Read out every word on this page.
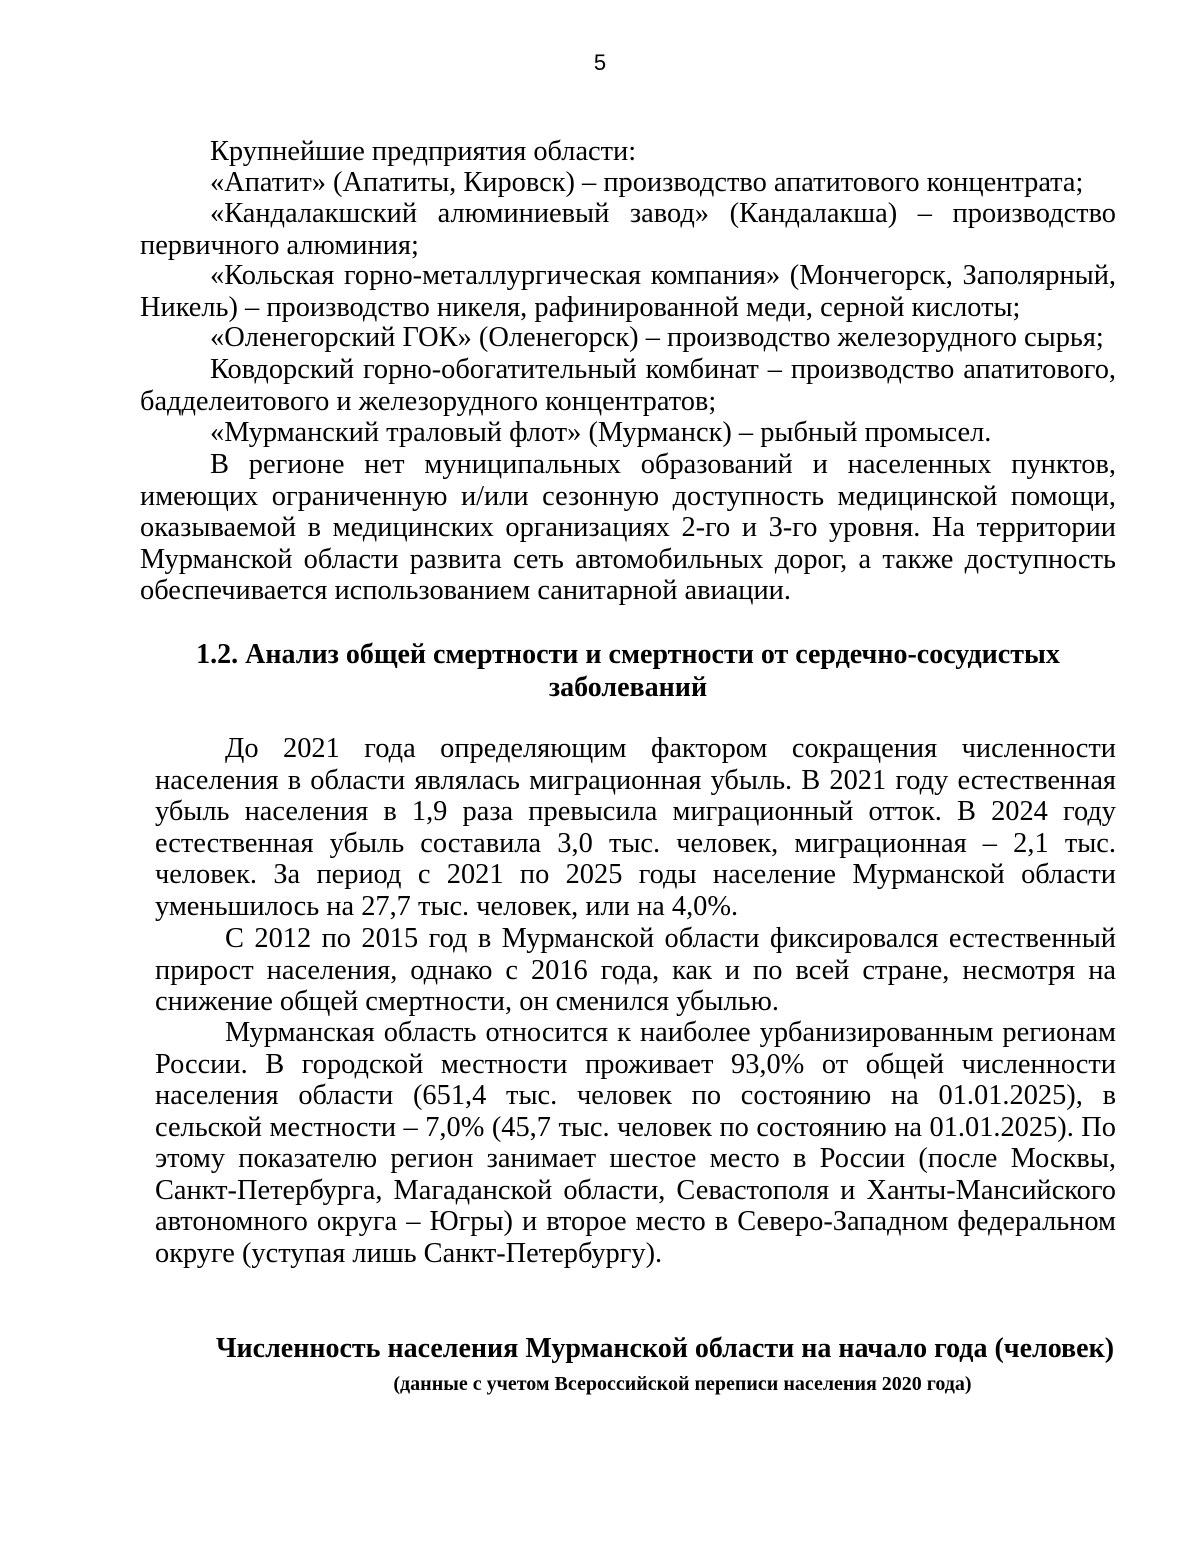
5

Крупнейшие предприятия области:

«Апатит» (Апатиты, Кировск) – производство апатитового концентрата;

«Кандалакшский алюминиевый завод» (Кандалакша) – производство первичного алюминия;

«Кольская горно-металлургическая компания» (Мончегорск, Заполярный, Никель) – производство никеля, рафинированной меди, серной кислоты;

«Оленегорский ГОК» (Оленегорск) – производство железорудного сырья;

Ковдорский горно-обогатительный комбинат – производство апатитового, бадделеитового и железорудного концентратов;

«Мурманский траловый флот» (Мурманск) – рыбный промысел.

В регионе нет муниципальных образований и населенных пунктов, имеющих ограниченную и/или сезонную доступность медицинской помощи, оказываемой в медицинских организациях 2-го и 3-го уровня. На территории Мурманской области развита сеть автомобильных дорог, а также доступность обеспечивается использованием санитарной авиации.

1.2. Анализ общей смертности и смертности от сердечно-сосудистых заболеваний

До 2021 года определяющим фактором сокращения численности населения в области являлась миграционная убыль. В 2021 году естественная убыль населения в 1,9 раза превысила миграционный отток. В 2024 году естественная убыль составила 3,0 тыс. человек, миграционная – 2,1 тыс. человек. За период с 2021 по 2025 годы население Мурманской области уменьшилось на 27,7 тыс. человек, или на 4,0%.

С 2012 по 2015 год в Мурманской области фиксировался естественный прирост населения, однако с 2016 года, как и по всей стране, несмотря на снижение общей смертности, он сменился убылью.

Мурманская область относится к наиболее урбанизированным регионам России. В городской местности проживает 93,0% от общей численности населения области (651,4 тыс. человек по состоянию на 01.01.2025), в сельской местности – 7,0% (45,7 тыс. человек по состоянию на 01.01.2025). По этому показателю регион занимает шестое место в России (после Москвы, Санкт-Петербурга, Магаданской области, Севастополя и Ханты-Мансийского автономного округа – Югры) и второе место в Северо-Западном федеральном округе (уступая лишь Санкт-Петербургу).

Численность населения Мурманской области на начало года (человек)

(данные с учетом Всероссийской переписи населения 2020 года)
